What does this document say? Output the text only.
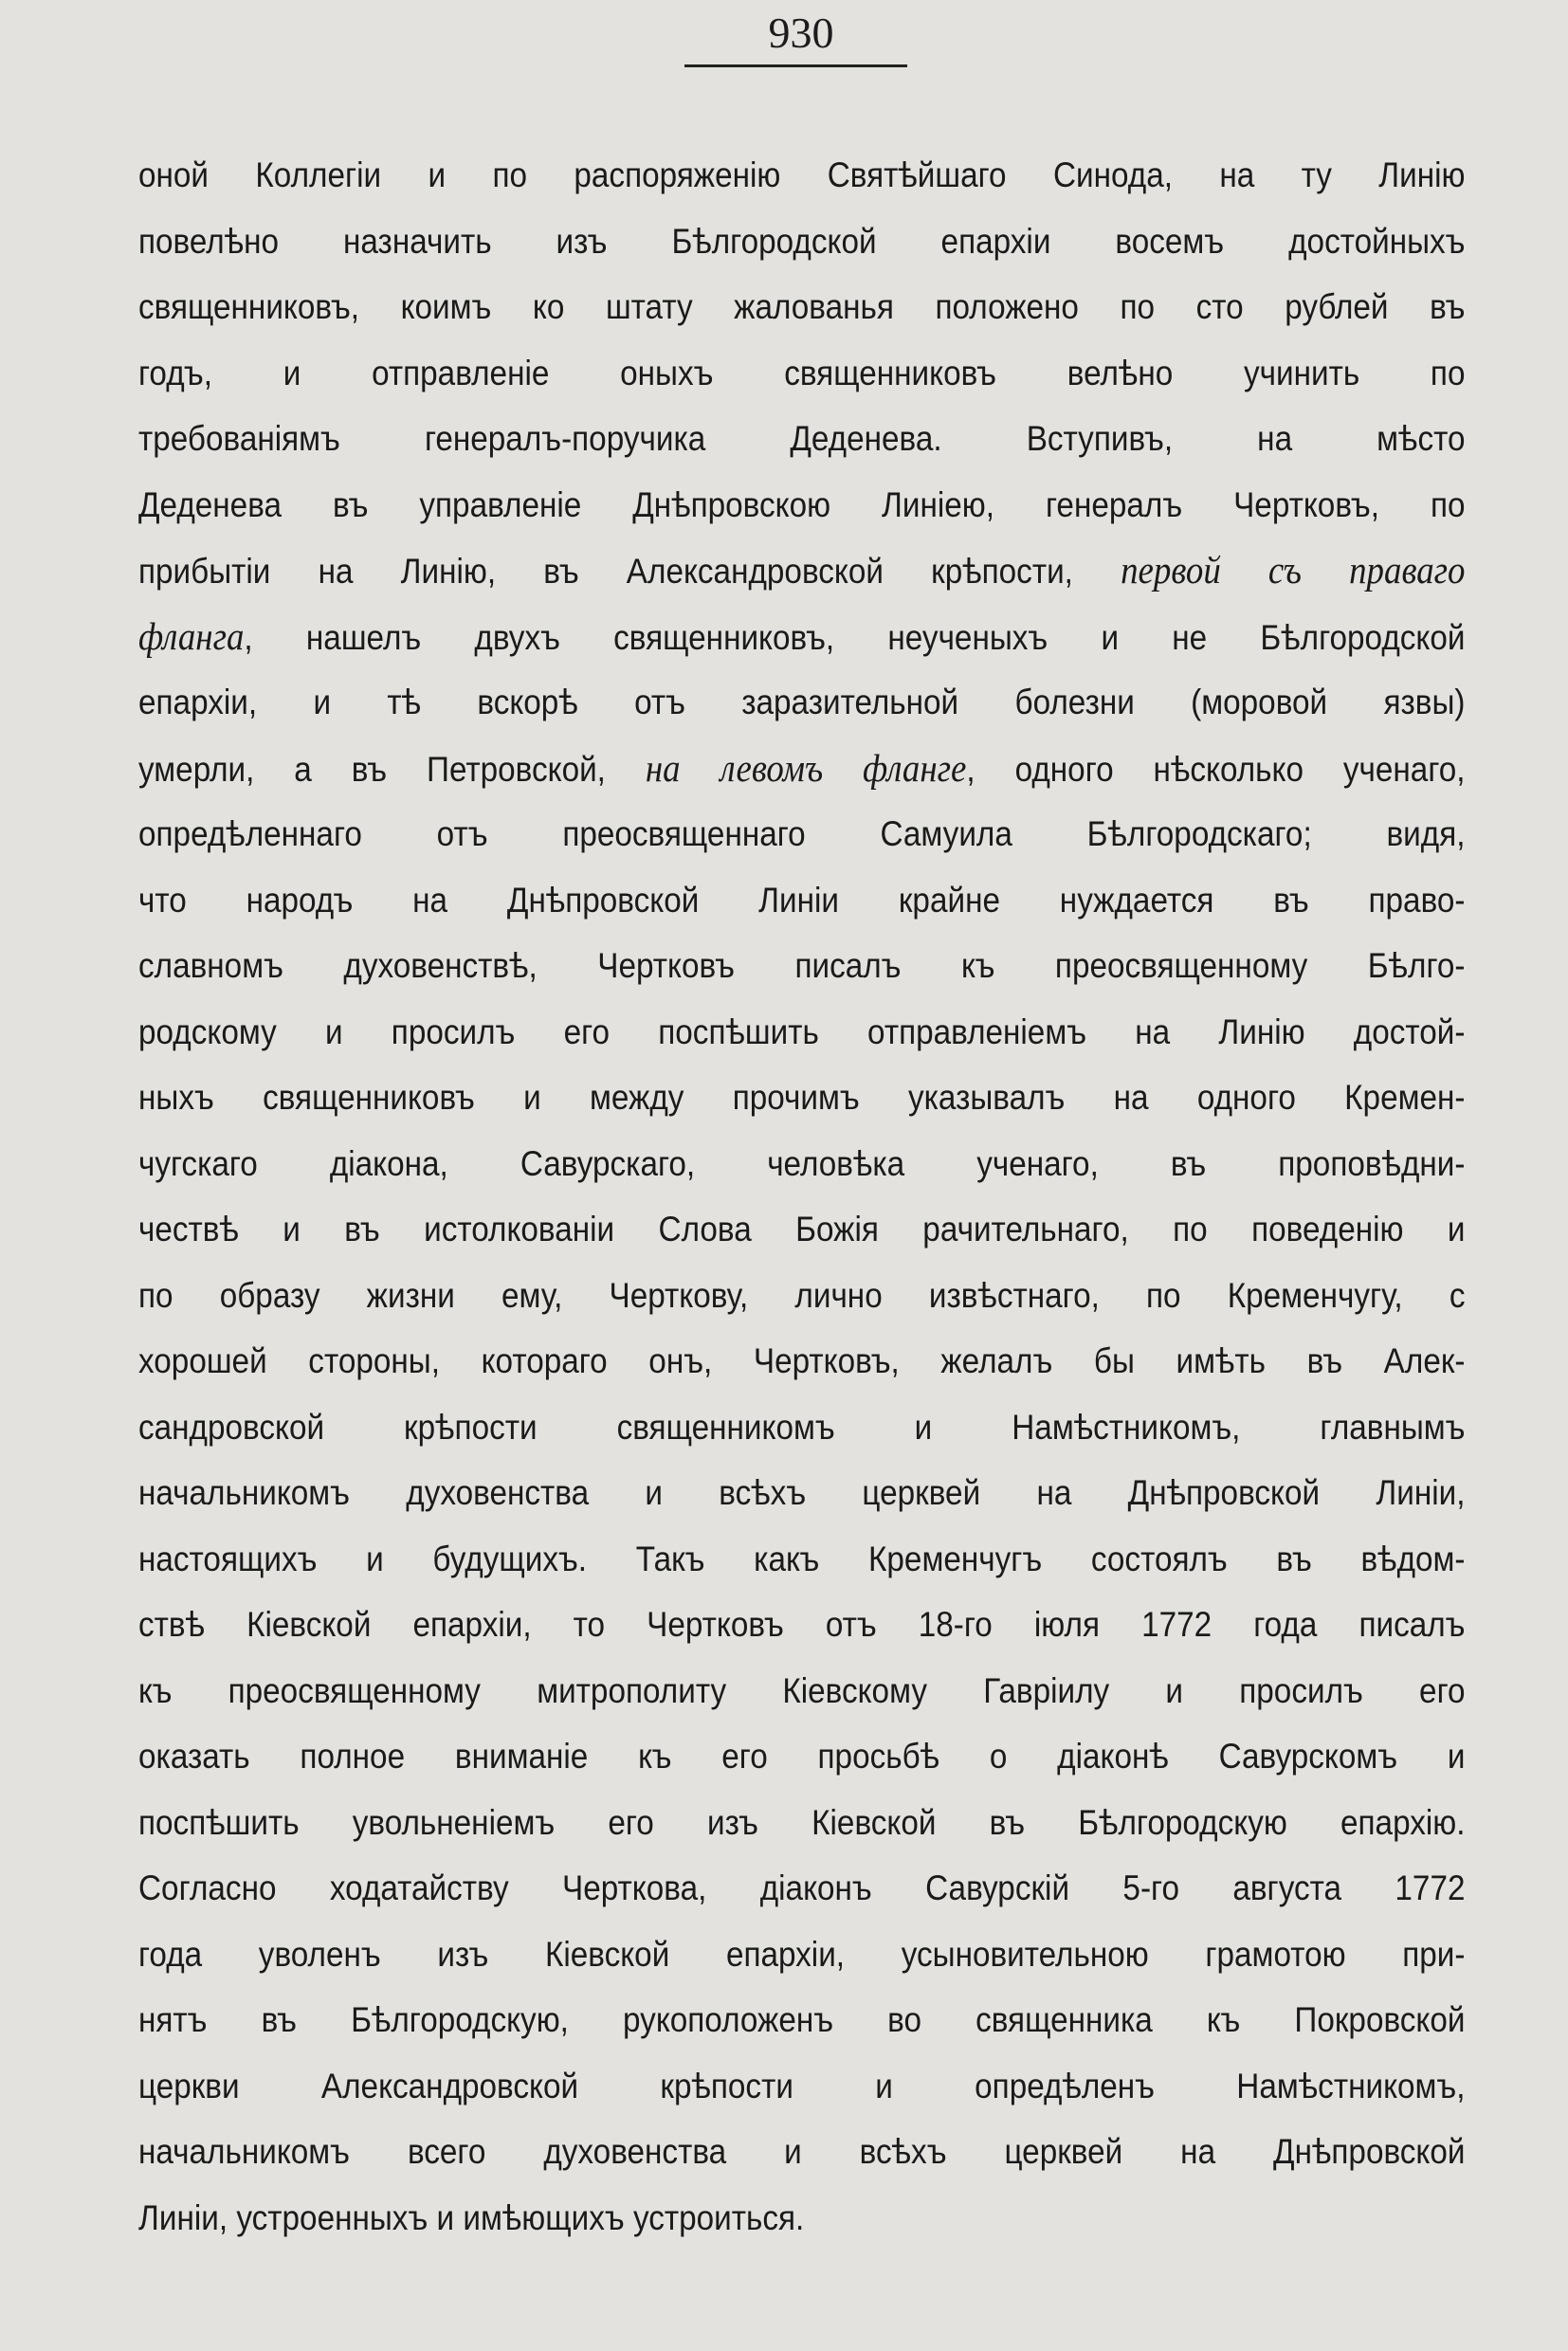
930
оной Коллегіи и по распоряженію Святѣйшаго Синода, на ту Линію
повелѣно назначить изъ Бѣлгородской епархіи восемъ достойныхъ
священниковъ, коимъ ко штату жалованья положено по сто рублей въ
годъ, и отправленіе оныхъ священниковъ велѣно учинить по
требованіямъ генералъ-поручика Деденева. Вступивъ, на мѣсто
Деденева въ управленіе Днѣпровскою Линіею, генералъ Чертковъ, по
прибытіи на Линію, въ Александровской крѣпости, первой съ праваго
фланга, нашелъ двухъ священниковъ, неученыхъ и не Бѣлгородской
епархіи, и тѣ вскорѣ отъ заразительной болезни (моровой язвы)
умерли, а въ Петровской, на левомъ фланге, одного нѣсколько ученаго,
опредѣленнаго отъ преосвященнаго Самуила Бѣлгородскаго; видя,
что народъ на Днѣпровской Линіи крайне нуждается въ право-
славномъ духовенствѣ, Чертковъ писалъ къ преосвященному Бѣлго-
родскому и просилъ его поспѣшить отправленіемъ на Линію достой-
ныхъ священниковъ и между прочимъ указывалъ на одного Кремен-
чугскаго діакона, Савурскаго, человѣка ученаго, въ проповѣдни-
чествѣ и въ истолкованіи Слова Божія рачительнаго, по поведенію и
по образу жизни ему, Черткову, лично извѣстнаго, по Кременчугу, с
хорошей стороны, котораго онъ, Чертковъ, желалъ бы имѣть въ Алек-
сандровской крѣпости священникомъ и Намѣстникомъ, главнымъ
начальникомъ духовенства и всѣхъ церквей на Днѣпровской Линіи,
настоящихъ и будущихъ. Такъ какъ Кременчугъ состоялъ въ вѣдом-
ствѣ Кіевской епархіи, то Чертковъ отъ 18-го іюля 1772 года писалъ
къ преосвященному митрополиту Кіевскому Гавріилу и просилъ его
оказать полное вниманіе къ его просьбѣ о діаконѣ Савурскомъ и
поспѣшить увольненіемъ его изъ Кіевской въ Бѣлгородскую епархію.
Согласно ходатайству Черткова, діаконъ Савурскій 5-го августа 1772
года уволенъ изъ Кіевской епархіи, усыновительною грамотою при-
нятъ въ Бѣлгородскую, рукоположенъ во священника къ Покровской
церкви Александровской крѣпости и опредѣленъ Намѣстникомъ,
начальникомъ всего духовенства и всѣхъ церквей на Днѣпровской
Линіи, устроенныхъ и имѣющихъ устроиться.
